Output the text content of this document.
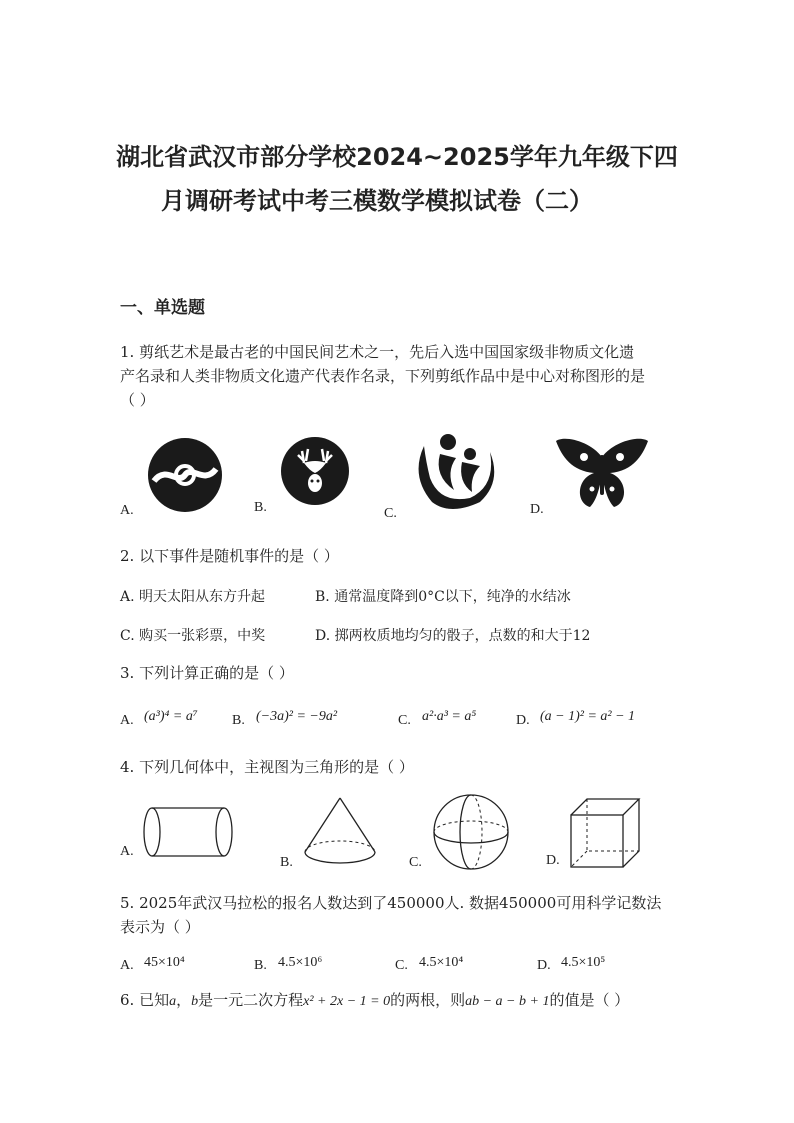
湖北省武汉市部分学校2024~2025学年九年级下四
月调研考试中考三模数学模拟试卷（二）
一、单选题
1. 剪纸艺术是最古老的中国民间艺术之一，先后入选中国国家级非物质文化遗
产名录和人类非物质文化遗产代表作名录，下列剪纸作品中是中心对称图形的是
（ ）
A.	B.	C.	D.
2. 以下事件是随机事件的是（ ）
A. 明天太阳从东方升起	B. 通常温度降到0°C以下，纯净的水结冰
C. 购买一张彩票，中奖	D. 掷两枚质地均匀的骰子，点数的和大于12
3. 下列计算正确的是（ ）
A. (a³)⁴ = a⁷ B. (−3a)² = −9a²	C. a²·a³ = a⁵	D. (a − 1)² = a² − 1
4. 下列几何体中，主视图为三角形的是（ ）
A.
B.	C.	D.
5. 2025年武汉马拉松的报名人数达到了450000人. 数据450000可用科学记数法
表示为（ ）
A. 45×10⁴	B. 4.5×10⁶	C. 4.5×10⁴	D. 4.5×10⁵
6. 已知a，b是一元二次方程x² + 2x − 1 = 0的两根，则ab − a − b + 1的值是（ ）
